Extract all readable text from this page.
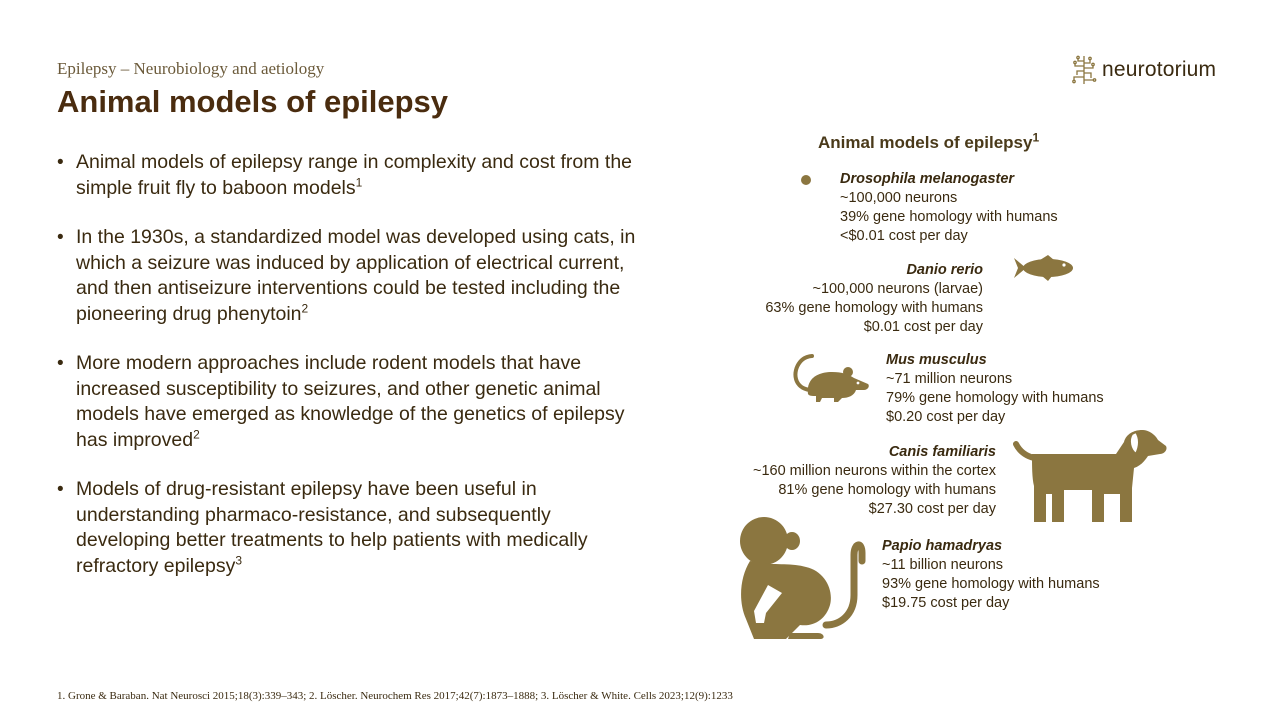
Epilepsy – Neurobiology and aetiology
Animal models of epilepsy
neurotorium
• Animal models of epilepsy range in complexity and cost from the simple fruit fly to baboon models$^1$
• In the 1930s, a standardized model was developed using cats, in which a seizure was induced by application of electrical current, and then antiseizure interventions could be tested including the pioneering drug phenytoin$^2$
• More modern approaches include rodent models that have increased susceptibility to seizures, and other genetic animal models have emerged as knowledge of the genetics of epilepsy has improved$^2$
• Models of drug-resistant epilepsy have been useful in understanding pharmaco-resistance, and subsequently developing better treatments to help patients with medically refractory epilepsy$^3$
Animal models of epilepsy$^1$
Drosophila melanogaster
~100,000 neurons
39% gene homology with humans
<$0.01 cost per day
Danio rerio
~100,000 neurons (larvae)
63% gene homology with humans
$0.01 cost per day
Mus musculus
~71 million neurons
79% gene homology with humans
$0.20 cost per day
Canis familiaris
~160 million neurons within the cortex
81% gene homology with humans
$27.30 cost per day
Papio hamadryas
~11 billion neurons
93% gene homology with humans
$19.75 cost per day
1. Grone & Baraban. Nat Neurosci 2015;18(3):339–343; 2. Löscher. Neurochem Res 2017;42(7):1873–1888; 3. Löscher & White. Cells 2023;12(9):1233
